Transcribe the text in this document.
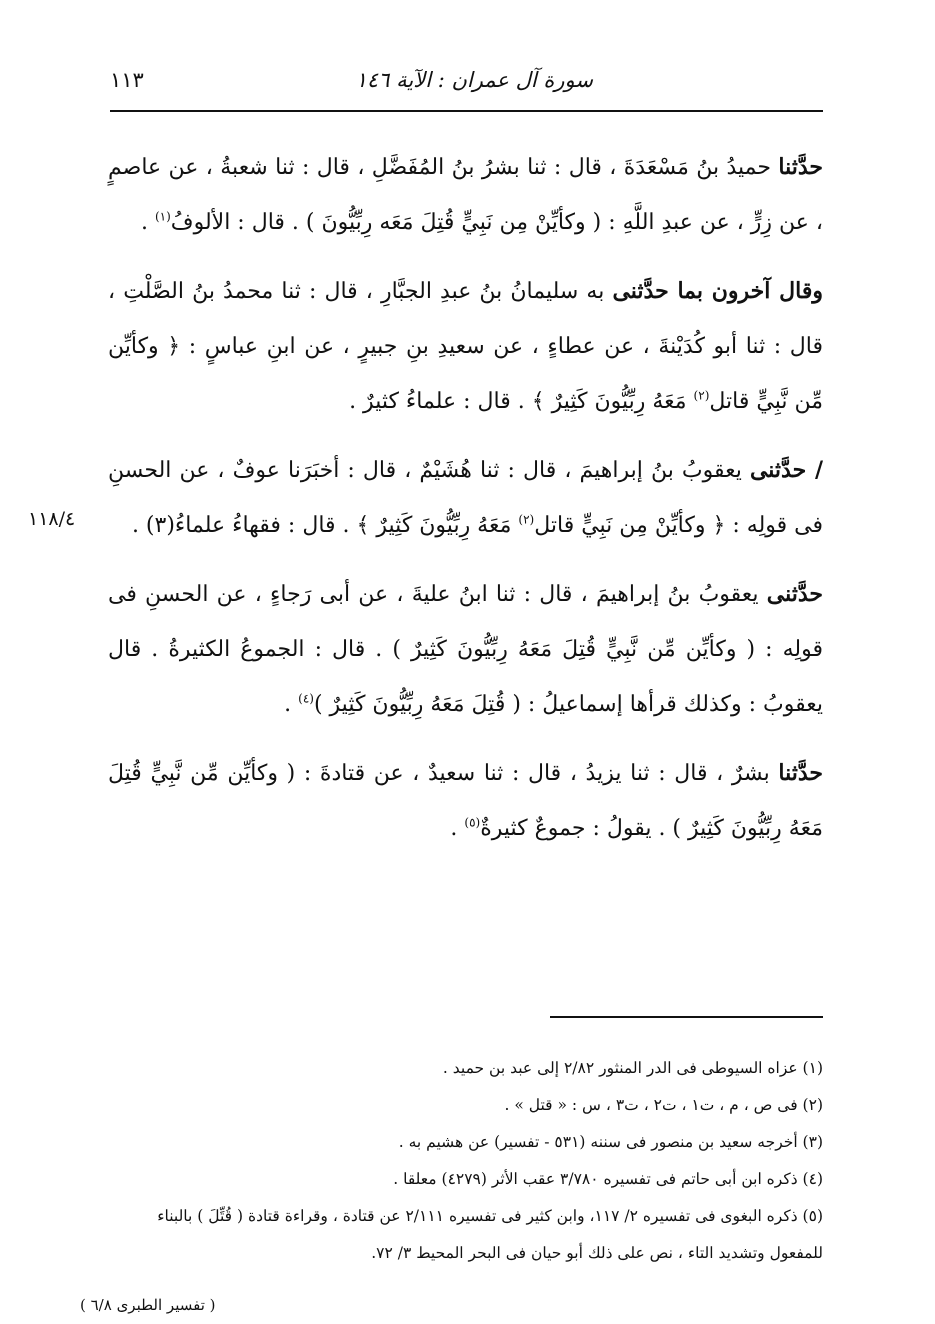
سورة آل عمران : الآية ١٤٦
١١٣
١١٨/٤

حدَّثنا حميدُ بنُ مَسْعَدَةَ ، قال : ثنا بشرُ بنُ المُفَضَّلِ ، قال : ثنا شعبةُ ، عن عاصمٍ ، عن زِرٍّ ، عن عبدِ اللَّهِ : ( وكأيِّنْ مِن نَبِيٍّ قُتِلَ مَعَه رِبِّيُّونَ ) . قال : الألوفُ$^{(١)}$ .

وقال آخرون بما حدَّثنى به سليمانُ بنُ عبدِ الجبَّارِ ، قال : ثنا محمدُ بنُ الصَّلْتِ ، قال : ثنا أبو كُدَيْنةَ ، عن عطاءٍ ، عن سعيدِ بنِ جبيرٍ ، عن ابنِ عباسٍ : ﴿ وكأيِّن مِّن نَّبِيٍّ قاتل$^{(٢)}$ مَعَهُ رِبِّيُّونَ كَثِيرٌ ﴾ . قال : علماءُ كثيرٌ .

/ حدَّثنى يعقوبُ بنُ إبراهيمَ ، قال : ثنا هُشَيْمٌ ، قال : أخبَرَنا عوفٌ ، عن الحسنِ فى قولِه : ﴿ وكأيِّنْ مِن نَبِيٍّ قاتل$^{(٢)}$ مَعَهُ رِبِّيُّونَ كَثِيرٌ ﴾ . قال : فقهاءُ علماءُ(٣) .

حدَّثنى يعقوبُ بنُ إبراهيمَ ، قال : ثنا ابنُ عليةَ ، عن أبى رَجاءٍ ، عن الحسنِ فى قولِه : ( وكأيِّن مِّن نَّبِيٍّ قُتِلَ مَعَهُ رِبِّيُّونَ كَثِيرٌ ) . قال : الجموعُ الكثيرةُ . قال يعقوبُ : وكذلك قرأها إسماعيلُ : ( قُتِلَ مَعَهُ رِبِّيُّونَ كَثِيرٌ )$^{(٤)}$ .

حدَّثنا بشرٌ ، قال : ثنا يزيدُ ، قال : ثنا سعيدٌ ، عن قتادةَ : ( وكأيِّن مِّن نَّبِيٍّ قُتِلَ مَعَهُ رِبِّيُّونَ كَثِيرٌ ) . يقولُ : جموعٌ كثيرةٌ$^{(٥)}$ .

(١) عزاه السيوطى فى الدر المنثور ٢/٨٢ إلى عبد بن حميد .

(٢) فى ص ، م ، ت١ ، ت٢ ، ت٣ ، س : « قتل » .

(٣) أخرجه سعيد بن منصور فى سننه (٥٣١ - تفسير) عن هشيم به .

(٤) ذكره ابن أبى حاتم فى تفسيره ٣/٧٨٠ عقب الأثر (٤٢٧٩) معلقا .

(٥) ذكره البغوى فى تفسيره ٢/ ١١٧، وابن كثير فى تفسيره ٢/١١١ عن قتادة ، وقراءة قتادة ( قُتِّلَ ) بالبناء للمفعول وتشديد التاء ، نص على ذلك أبو حيان فى البحر المحيط ٣/ ٧٢.

( تفسير الطبرى ٦/٨ )
